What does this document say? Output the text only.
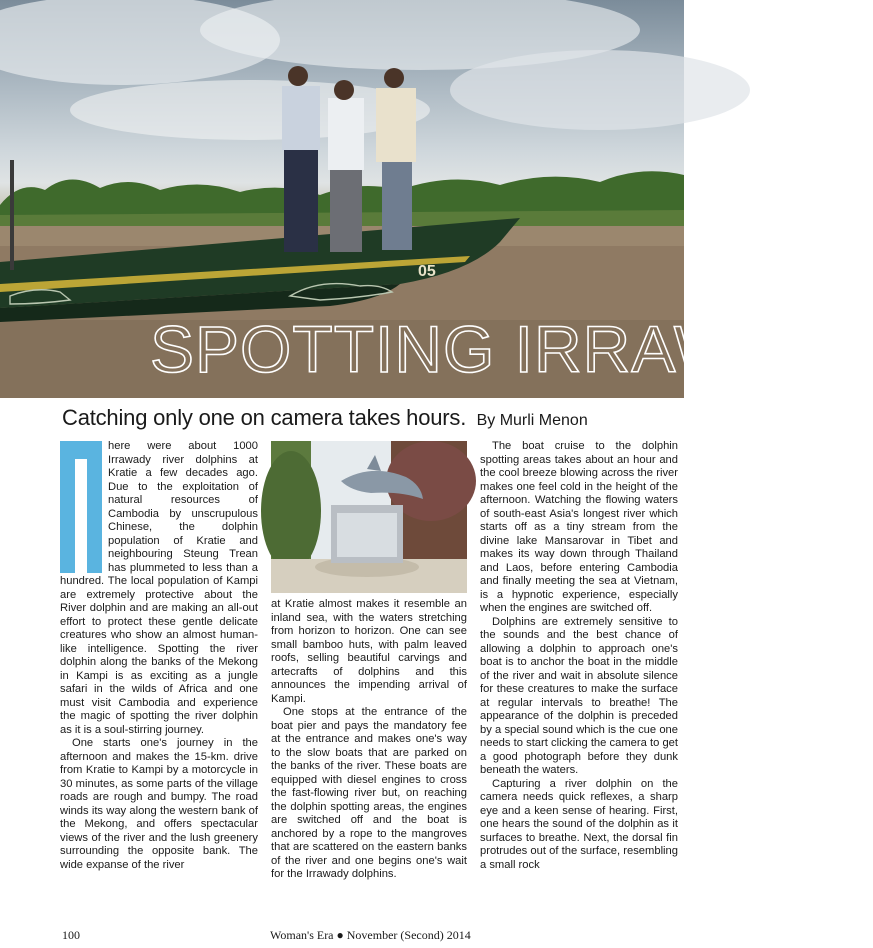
05
SPOTTING IRRAWADY
Catching only one on camera takes hours. By Murli Menon

here were about 1000 Irrawady river dolphins at Kratie a few decades ago. Due to the exploitation of natural resources of Cambodia by unscrupulous Chinese, the dolphin population of Kratie and neighbouring Steung Trean has plummeted to less than a hundred. The local population of Kampi are extremely protective about the River dolphin and are making an all-out effort to protect these gentle delicate creatures who show an almost human-like intelligence. Spotting the river dolphin along the banks of the Mekong in Kampi is as exciting as a jungle safari in the wilds of Africa and one must visit Cambodia and experience the magic of spotting the river dolphin as it is a soul-stirring journey.

One starts one's journey in the afternoon and makes the 15-km. drive from Kratie to Kampi by a motorcycle in 30 minutes, as some parts of the village roads are rough and bumpy. The road winds its way along the western bank of the Mekong, and offers spectacular views of the river and the lush greenery surrounding the opposite bank. The wide expanse of the river

at Kratie almost makes it resemble an inland sea, with the waters stretching from horizon to horizon. One can see small bamboo huts, with palm leaved roofs, selling beautiful carvings and artecrafts of dolphins and this announces the impending arrival of Kampi.

One stops at the entrance of the boat pier and pays the mandatory fee at the entrance and makes one's way to the slow boats that are parked on the banks of the river. These boats are equipped with diesel engines to cross the fast-flowing river but, on reaching the dolphin spotting areas, the engines are switched off and the boat is anchored by a rope to the mangroves that are scattered on the eastern banks of the river and one begins one's wait for the Irrawady dolphins.

The boat cruise to the dolphin spotting areas takes about an hour and the cool breeze blowing across the river makes one feel cold in the height of the afternoon. Watching the flowing waters of south-east Asia's longest river which starts off as a tiny stream from the divine lake Mansarovar in Tibet and makes its way down through Thailand and Laos, before entering Cambodia and finally meeting the sea at Vietnam, is a hypnotic experience, especially when the engines are switched off.

Dolphins are extremely sensitive to the sounds and the best chance of allowing a dolphin to approach one's boat is to anchor the boat in the middle of the river and wait in absolute silence for these creatures to make the surface at regular intervals to breathe! The appearance of the dolphin is preceded by a special sound which is the cue one needs to start clicking the camera to get a good photograph before they dunk beneath the waters.

Capturing a river dolphin on the camera needs quick reflexes, a sharp eye and a keen sense of hearing. First, one hears the sound of the dolphin as it surfaces to breathe. Next, the dorsal fin protrudes out of the surface, resembling a small rock

100	Woman's Era ● November (Second) 2014
